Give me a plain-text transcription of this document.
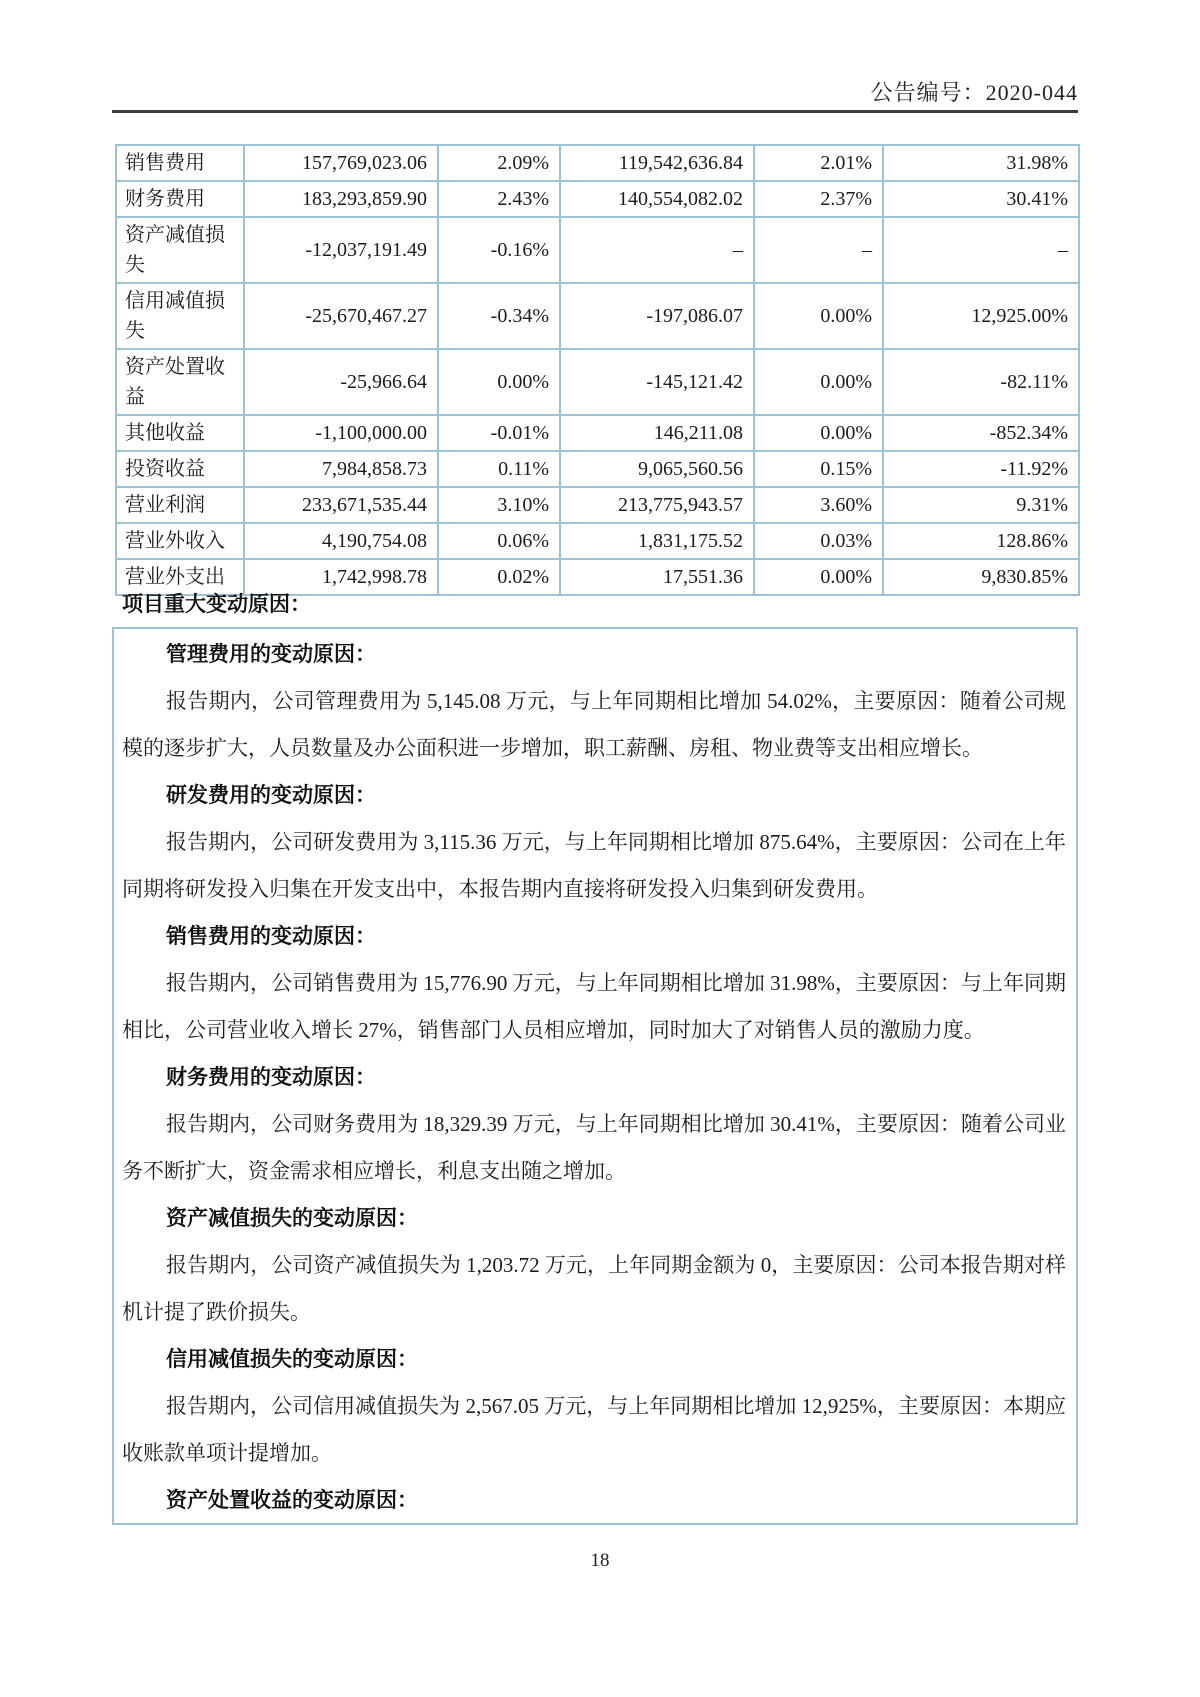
公告编号：2020-044
销售费用	157,769,023.06	2.09%	119,542,636.84	2.01%	31.98%
财务费用	183,293,859.90	2.43%	140,554,082.02	2.37%	30.41%
资产减值损失	-12,037,191.49	-0.16%	–	–	–
信用减值损失	-25,670,467.27	-0.34%	-197,086.07	0.00%	12,925.00%
资产处置收益	-25,966.64	0.00%	-145,121.42	0.00%	-82.11%
其他收益	-1,100,000.00	-0.01%	146,211.08	0.00%	-852.34%
投资收益	7,984,858.73	0.11%	9,065,560.56	0.15%	-11.92%
营业利润	233,671,535.44	3.10%	213,775,943.57	3.60%	9.31%
营业外收入	4,190,754.08	0.06%	1,831,175.52	0.03%	128.86%
营业外支出	1,742,998.78	0.02%	17,551.36	0.00%	9,830.85%
项目重大变动原因：
管理费用的变动原因：

报告期内，公司管理费用为 5,145.08 万元，与上年同期相比增加 54.02%，主要原因：随着公司规模的逐步扩大，人员数量及办公面积进一步增加，职工薪酬、房租、物业费等支出相应增长。

研发费用的变动原因：

报告期内，公司研发费用为 3,115.36 万元，与上年同期相比增加 875.64%，主要原因：公司在上年同期将研发投入归集在开发支出中，本报告期内直接将研发投入归集到研发费用。

销售费用的变动原因：

报告期内，公司销售费用为 15,776.90 万元，与上年同期相比增加 31.98%，主要原因：与上年同期相比，公司营业收入增长 27%，销售部门人员相应增加，同时加大了对销售人员的激励力度。

财务费用的变动原因：

报告期内，公司财务费用为 18,329.39 万元，与上年同期相比增加 30.41%，主要原因：随着公司业务不断扩大，资金需求相应增长，利息支出随之增加。

资产减值损失的变动原因：

报告期内，公司资产减值损失为 1,203.72 万元，上年同期金额为 0，主要原因：公司本报告期对样机计提了跌价损失。

信用减值损失的变动原因：

报告期内，公司信用减值损失为 2,567.05 万元，与上年同期相比增加 12,925%，主要原因：本期应收账款单项计提增加。

资产处置收益的变动原因：
18
